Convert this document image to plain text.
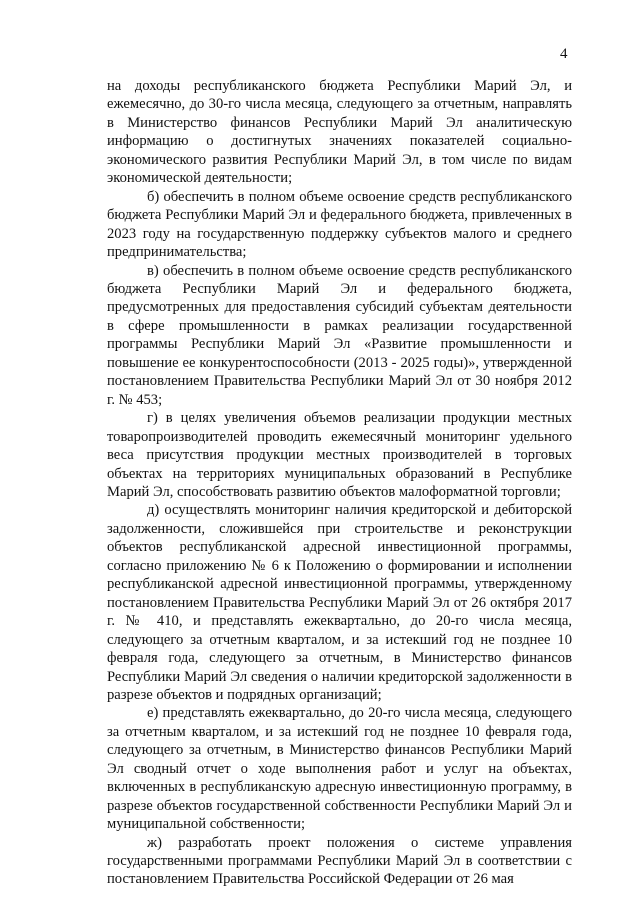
4

на доходы республиканского бюджета Республики Марий Эл, и ежемесячно, до 30-го числа месяца, следующего за отчетным, направлять в Министерство финансов Республики Марий Эл аналитическую информацию о достигнутых значениях показателей социально-экономического развития Республики Марий Эл, в том числе по видам экономической деятельности;

б) обеспечить в полном объеме освоение средств республиканского бюджета Республики Марий Эл и федерального бюджета, привлеченных в 2023 году на государственную поддержку субъектов малого и среднего предпринимательства;

в) обеспечить в полном объеме освоение средств республиканского бюджета Республики Марий Эл и федерального бюджета, предусмотренных для предоставления субсидий субъектам деятельности в сфере промышленности в рамках реализации государственной программы Республики Марий Эл «Развитие промышленности и повышение ее конкурентоспособности (2013 - 2025 годы)», утвержденной постановлением Правительства Республики Марий Эл от 30 ноября 2012 г. № 453;

г) в целях увеличения объемов реализации продукции местных товаропроизводителей проводить ежемесячный мониторинг удельного веса присутствия продукции местных производителей в торговых объектах на территориях муниципальных образований в Республике Марий Эл, способствовать развитию объектов малоформатной торговли;

д) осуществлять мониторинг наличия кредиторской и дебиторской задолженности, сложившейся при строительстве и реконструкции объектов республиканской адресной инвестиционной программы, согласно приложению № 6 к Положению о формировании и исполнении республиканской адресной инвестиционной программы, утвержденному постановлением Правительства Республики Марий Эл от 26 октября 2017 г. № 410, и представлять ежеквартально, до 20-го числа месяца, следующего за отчетным кварталом, и за истекший год не позднее 10 февраля года, следующего за отчетным, в Министерство финансов Республики Марий Эл сведения о наличии кредиторской задолженности в разрезе объектов и подрядных организаций;

е) представлять ежеквартально, до 20-го числа месяца, следующего за отчетным кварталом, и за истекший год не позднее 10 февраля года, следующего за отчетным, в Министерство финансов Республики Марий Эл сводный отчет о ходе выполнения работ и услуг на объектах, включенных в республиканскую адресную инвестиционную программу, в разрезе объектов государственной собственности Республики Марий Эл и муниципальной собственности;

ж) разработать проект положения о системе управления государственными программами Республики Марий Эл в соответствии с постановлением Правительства Российской Федерации от 26 мая
